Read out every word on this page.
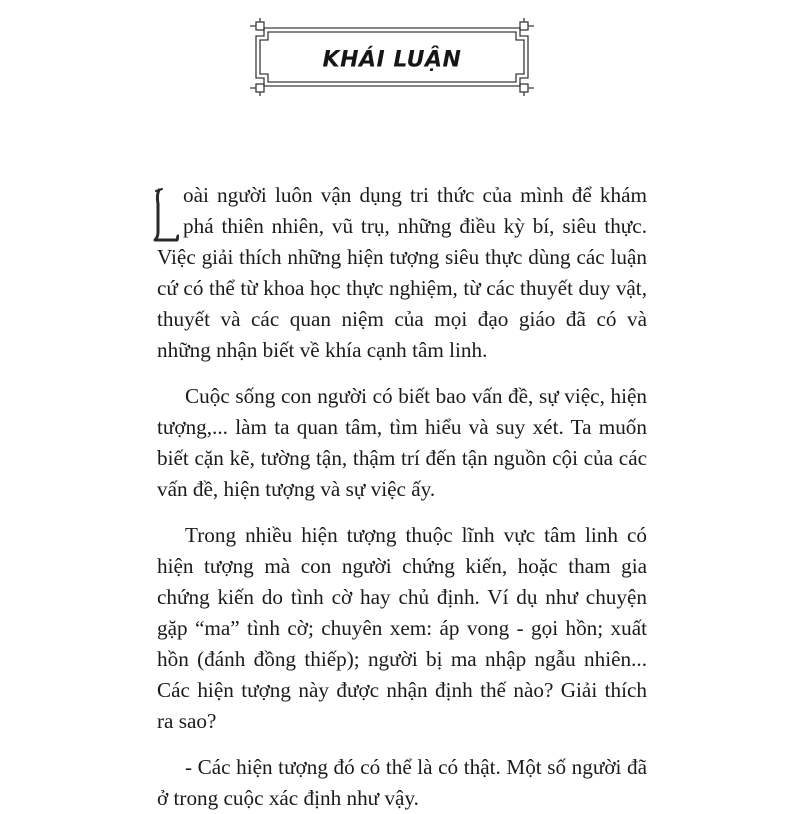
KHÁI LUẬN

oài người luôn vận dụng tri thức của mình để khám phá thiên nhiên, vũ trụ, những điều kỳ bí, siêu thực. Việc giải thích những hiện tượng siêu thực dùng các luận cứ có thể từ khoa học thực nghiệm, từ các thuyết duy vật, thuyết và các quan niệm của mọi đạo giáo đã có và những nhận biết về khía cạnh tâm linh.

Cuộc sống con người có biết bao vấn đề, sự việc, hiện tượng,... làm ta quan tâm, tìm hiểu và suy xét. Ta muốn biết cặn kẽ, tường tận, thậm trí đến tận nguồn cội của các vấn đề, hiện tượng và sự việc ấy.

Trong nhiều hiện tượng thuộc lĩnh vực tâm linh có hiện tượng mà con người chứng kiến, hoặc tham gia chứng kiến do tình cờ hay chủ định. Ví dụ như chuyện gặp “ma” tình cờ; chuyên xem: áp vong - gọi hồn; xuất hồn (đánh đồng thiếp); người bị ma nhập ngẫu nhiên... Các hiện tượng này được nhận định thế nào? Giải thích ra sao?

- Các hiện tượng đó có thể là có thật. Một số người đã ở trong cuộc xác định như vậy.
